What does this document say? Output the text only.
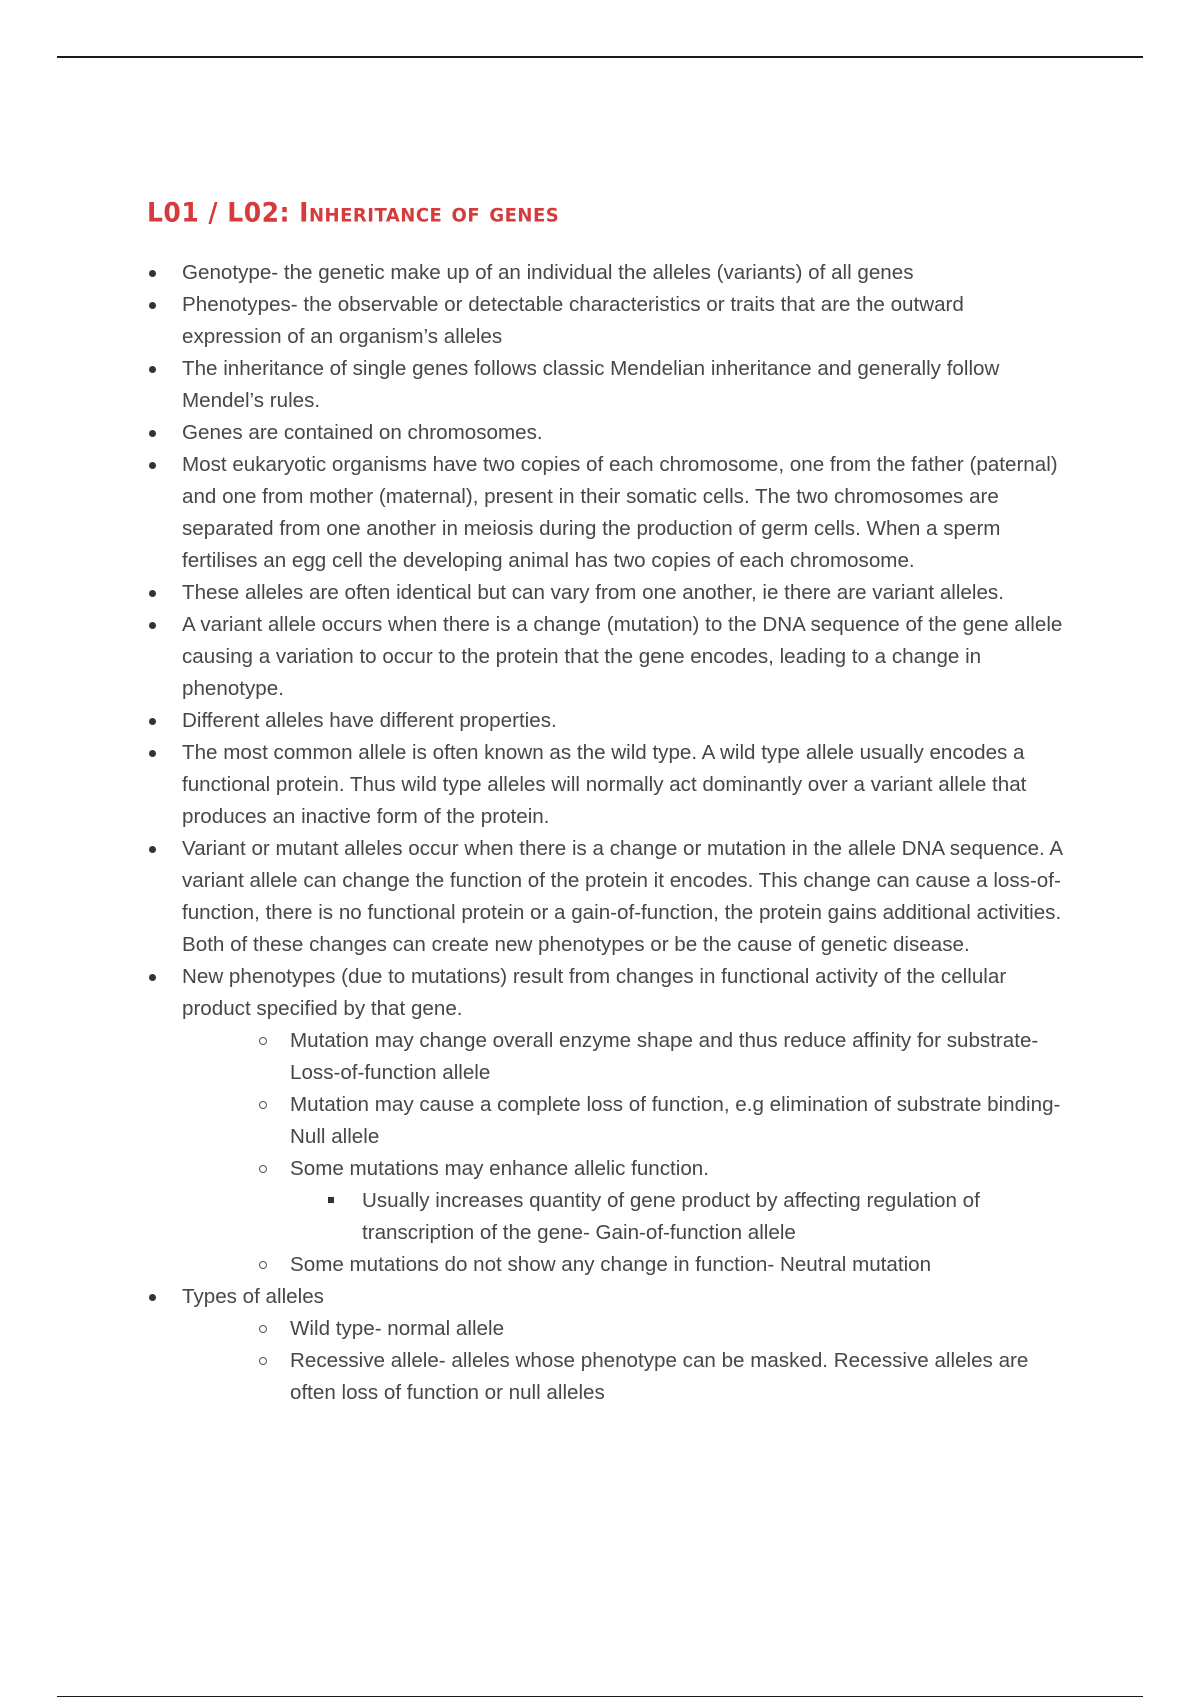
L01 / L02: Inheritance of genes
Genotype- the genetic make up of an individual the alleles (variants) of all genes
Phenotypes- the observable or detectable characteristics or traits that are the outward expression of an organism’s alleles
The inheritance of single genes follows classic Mendelian inheritance and generally follow Mendel’s rules.
Genes are contained on chromosomes.
Most eukaryotic organisms have two copies of each chromosome, one from the father (paternal) and one from mother (maternal), present in their somatic cells. The two chromosomes are separated from one another in meiosis during the production of germ cells. When a sperm fertilises an egg cell the developing animal has two copies of each chromosome.
These alleles are often identical but can vary from one another, ie there are variant alleles.
A variant allele occurs when there is a change (mutation) to the DNA sequence of the gene allele causing a variation to occur to the protein that the gene encodes, leading to a change in phenotype.
Different alleles have different properties.
The most common allele is often known as the wild type. A wild type allele usually encodes a functional protein. Thus wild type alleles will normally act dominantly over a variant allele that produces an inactive form of the protein.
Variant or mutant alleles occur when there is a change or mutation in the allele DNA sequence. A variant allele can change the function of the protein it encodes. This change can cause a loss-of-function, there is no functional protein or a gain-of-function, the protein gains additional activities. Both of these changes can create new phenotypes or be the cause of genetic disease.
New phenotypes (due to mutations) result from changes in functional activity of the cellular product specified by that gene.
Mutation may change overall enzyme shape and thus reduce affinity for substrate- Loss-of-function allele
Mutation may cause a complete loss of function, e.g elimination of substrate binding- Null allele
Some mutations may enhance allelic function.
Usually increases quantity of gene product by affecting regulation of transcription of the gene- Gain-of-function allele
Some mutations do not show any change in function- Neutral mutation
Types of alleles
Wild type- normal allele
Recessive allele- alleles whose phenotype can be masked. Recessive alleles are often loss of function or null alleles
